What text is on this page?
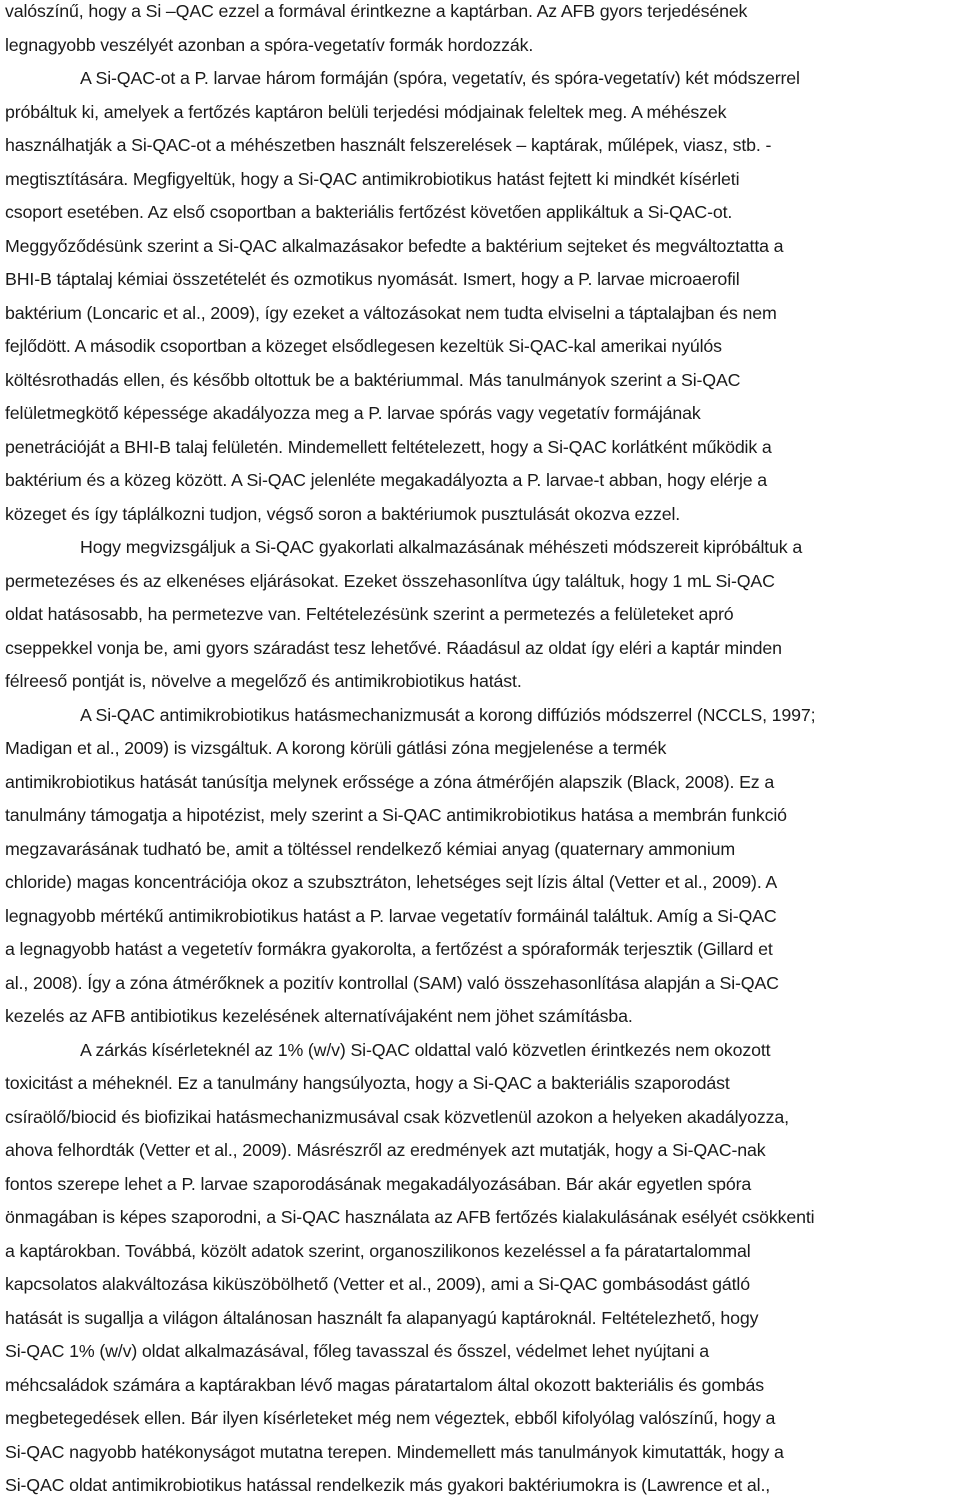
valószínű, hogy a Si –QAC ezzel a formával érintkezne a kaptárban. Az AFB gyors terjedésének
legnagyobb veszélyét azonban a spóra-vegetatív formák hordozzák.
A Si-QAC-ot a P. larvae három formáján (spóra, vegetatív, és spóra-vegetatív) két módszerrel
próbáltuk ki, amelyek a fertőzés kaptáron belüli terjedési módjainak feleltek meg. A méhészek
használhatják a Si-QAC-ot a méhészetben használt felszerelések – kaptárak, műlépek, viasz, stb. -
megtisztítására. Megfigyeltük, hogy a Si-QAC antimikrobiotikus hatást fejtett ki mindkét kísérleti
csoport esetében. Az első csoportban a bakteriális fertőzést követően applikáltuk a Si-QAC-ot.
Meggyőződésünk szerint a Si-QAC alkalmazásakor befedte a baktérium sejteket és megváltoztatta a
BHI-B táptalaj kémiai összetételét és ozmotikus nyomását. Ismert, hogy a P. larvae microaerofil
baktérium (Loncaric et al., 2009), így ezeket a változásokat nem tudta elviselni a táptalajban és nem
fejlődött. A második csoportban a közeget elsődlegesen kezeltük Si-QAC-kal amerikai nyúlós
költésrothadás ellen, és később oltottuk be a baktériummal. Más tanulmányok szerint a Si-QAC
felületmegkötő képessége akadályozza meg a P. larvae spórás vagy vegetatív formájának
penetrációját a BHI-B talaj felületén. Mindemellett feltételezett, hogy a Si-QAC korlátként működik a
baktérium és a közeg között. A Si-QAC jelenléte megakadályozta a P. larvae-t abban, hogy elérje a
közeget és így táplálkozni tudjon, végső soron a baktériumok pusztulását okozva ezzel.
Hogy megvizsgáljuk a Si-QAC gyakorlati alkalmazásának méhészeti módszereit kipróbáltuk a
permetezéses és az elkenéses eljárásokat. Ezeket összehasonlítva úgy találtuk, hogy 1 mL Si-QAC
oldat hatásosabb, ha permetezve van. Feltételezésünk szerint a permetezés a felületeket apró
cseppekkel vonja be, ami gyors száradást tesz lehetővé. Ráadásul az oldat így eléri a kaptár minden
félreeső pontját is, növelve a megelőző és antimikrobiotikus hatást.
A Si-QAC antimikrobiotikus hatásmechanizmusát a korong diffúziós módszerrel (NCCLS, 1997;
Madigan et al., 2009) is vizsgáltuk. A korong körüli gátlási zóna megjelenése a termék
antimikrobiotikus hatását tanúsítja melynek erőssége a zóna átmérőjén alapszik (Black, 2008). Ez a
tanulmány támogatja a hipotézist, mely szerint a Si-QAC antimikrobiotikus hatása a membrán funkció
megzavarásának tudható be, amit a töltéssel rendelkező kémiai anyag (quaternary ammonium
chloride) magas koncentrációja okoz a szubsztráton, lehetséges sejt lízis által (Vetter et al., 2009). A
legnagyobb mértékű antimikrobiotikus hatást a P. larvae vegetatív formáinál találtuk. Amíg a Si-QAC
a legnagyobb hatást a vegetetív formákra gyakorolta, a fertőzést a spóraformák terjesztik (Gillard et
al., 2008). Így a zóna átmérőknek a pozitív kontrollal (SAM) való összehasonlítása alapján a Si-QAC
kezelés az AFB antibiotikus kezelésének alternatívájaként nem jöhet számításba.
A zárkás kísérleteknél az 1% (w/v) Si-QAC oldattal való közvetlen érintkezés nem okozott
toxicitást a méheknél. Ez a tanulmány hangsúlyozta, hogy a Si-QAC a bakteriális szaporodást
csíraölő/biocid és biofizikai hatásmechanizmusával csak közvetlenül azokon a helyeken akadályozza,
ahova felhordták (Vetter et al., 2009). Másrészről az eredmények azt mutatják, hogy a Si-QAC-nak
fontos szerepe lehet a P. larvae szaporodásának megakadályozásában. Bár akár egyetlen spóra
önmagában is képes szaporodni, a Si-QAC használata az AFB fertőzés kialakulásának esélyét csökkenti
a kaptárokban. Továbbá, közölt adatok szerint, organoszilikonos kezeléssel a fa páratartalommal
kapcsolatos alakváltozása kiküszöbölhető (Vetter et al., 2009), ami a Si-QAC gombásodást gátló
hatását is sugallja a világon általánosan használt fa alapanyagú kaptároknál. Feltételezhető, hogy
Si-QAC 1% (w/v) oldat alkalmazásával, főleg tavasszal és ősszel, védelmet lehet nyújtani a
méhcsaládok számára a kaptárakban lévő magas páratartalom által okozott bakteriális és gombás
megbetegedések ellen. Bár ilyen kísérleteket még nem végeztek, ebből kifolyólag valószínű, hogy a
Si-QAC nagyobb hatékonyságot mutatna terepen. Mindemellett más tanulmányok kimutatták, hogy a
Si-QAC oldat antimikrobiotikus hatással rendelkezik más gyakori baktériumokra is (Lawrence et al.,
